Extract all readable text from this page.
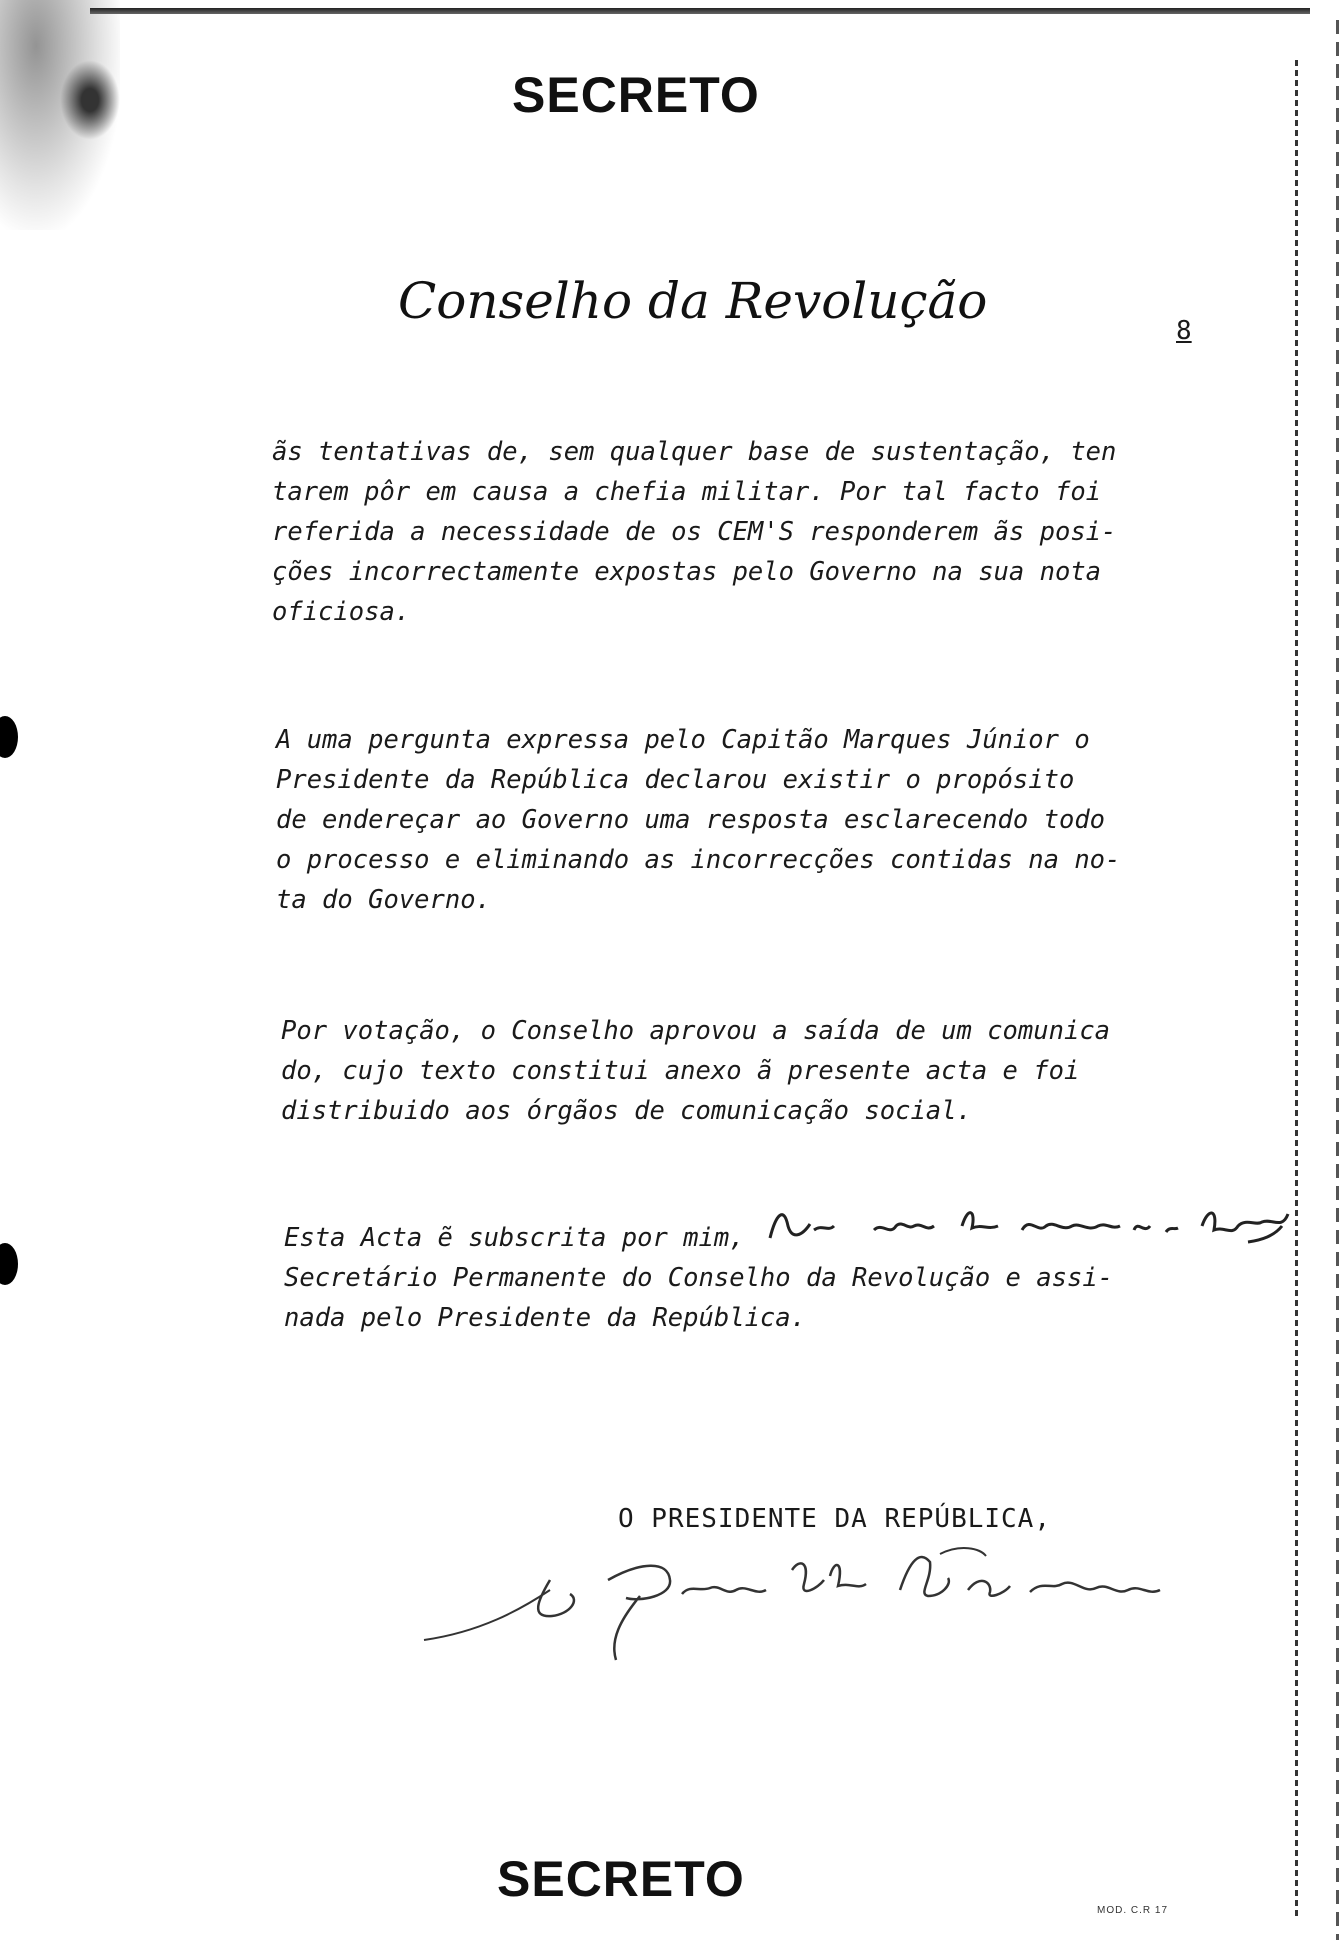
SECRETO
Conselho da Revolução
8
ãs tentativas de, sem qualquer base de sustentação, ten
tarem pôr em causa a chefia militar. Por tal facto foi
referida a necessidade de os CEM'S responderem ãs posi-
ções incorrectamente expostas pelo Governo na sua nota
oficiosa.
A uma pergunta expressa pelo Capitão Marques Júnior o
Presidente da República declarou existir o propósito
de endereçar ao Governo uma resposta esclarecendo todo
o processo e eliminando as incorrecções contidas na no-
ta do Governo.
Por votação, o Conselho aprovou a saída de um comunica
do, cujo texto constitui anexo ã presente acta e foi
distribuido aos órgãos de comunicação social.
Esta Acta ẽ subscrita por mim,
Secretário Permanente do Conselho da Revolução e assi-
nada pelo Presidente da República.
O PRESIDENTE DA REPÚBLICA,
SECRETO
MOD. C.R 17
